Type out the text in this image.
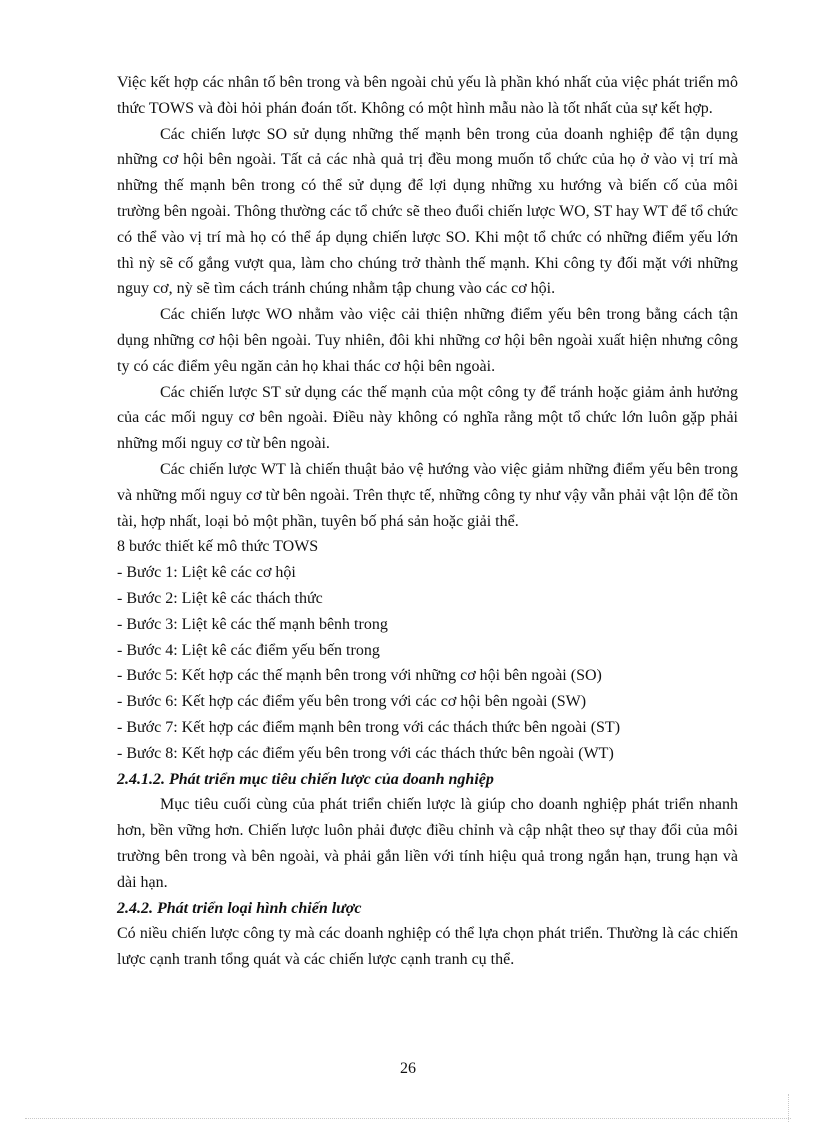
Việc kết hợp các nhân tố bên trong và bên ngoài chủ yếu là phần khó nhất của việc phát triển mô thức TOWS và đòi hỏi phán đoán tốt. Không có một hình mẫu nào là tốt nhất của sự kết hợp.

Các chiến lược SO sử dụng những thế mạnh bên trong của doanh nghiệp để tận dụng những cơ hội bên ngoài. Tất cả các nhà quả trị đều mong muốn tổ chức của họ ở vào vị trí mà những thế mạnh bên trong có thể sử dụng để lợi dụng những xu hướng và biến cố của môi trường bên ngoài. Thông thường các tổ chức sẽ theo đuổi chiến lược WO, ST hay WT để tổ chức có thể vào vị trí mà họ có thể áp dụng chiến lược SO. Khi một tổ chức có những điểm yếu lớn thì nỳ sẽ cố gắng vượt qua, làm cho chúng trở thành thế mạnh. Khi công ty đối mặt với những nguy cơ, nỳ sẽ tìm cách tránh chúng nhằm tập chung vào các cơ hội.

Các chiến lược WO nhằm vào việc cải thiện những điểm yếu bên trong bằng cách tận dụng những cơ hội bên ngoài. Tuy nhiên, đôi khi những cơ hội bên ngoài xuất hiện nhưng công ty có các điểm yêu ngăn cản họ khai thác cơ hội bên ngoài.

Các chiến lược ST sử dụng các thế mạnh của một công ty để tránh hoặc giảm ảnh hưởng của các mối nguy cơ bên ngoài. Điều này không có nghĩa rằng một tổ chức lớn luôn gặp phải những mối nguy cơ từ bên ngoài.

Các chiến lược WT là chiến thuật bảo vệ hướng vào việc giảm những điểm yếu bên trong và những mối nguy cơ từ bên ngoài. Trên thực tế, những công ty như vậy vẫn phải vật lộn để tồn tài, hợp nhất, loại bỏ một phần, tuyên bố phá sản hoặc giải thể.

8 bước thiết kế mô thức TOWS

- Bước 1: Liệt kê các cơ hội

- Bước 2: Liệt kê các thách thức

- Bước 3: Liệt kê các thế mạnh bênh trong

- Bước 4: Liệt kê các điểm yếu bến trong

- Bước 5: Kết hợp các thế mạnh bên trong với những cơ hội bên ngoài (SO)

- Bước 6: Kết hợp các điểm yếu bên trong với các cơ hội bên ngoài (SW)

- Bước 7: Kết hợp các điểm mạnh bên trong với các thách thức bên ngoài (ST)

- Bước 8: Kết hợp các điểm yếu bên trong với các thách thức bên ngoài (WT)

2.4.1.2. Phát triển mục tiêu chiến lược của doanh nghiệp

Mục tiêu cuối cùng của phát triển chiến lược là giúp cho doanh nghiệp phát triển nhanh hơn, bền vững hơn. Chiến lược luôn phải được điều chỉnh và cập nhật theo sự thay đổi của môi trường bên trong và bên ngoài, và phải gắn liền với tính hiệu quả trong ngắn hạn, trung hạn và dài hạn.

2.4.2. Phát triển loại hình chiến lược

Có niều chiến lược công ty mà các doanh nghiệp có thể lựa chọn phát triển. Thường là các chiến lược cạnh tranh tổng quát và các chiến lược cạnh tranh cụ thể.

26
